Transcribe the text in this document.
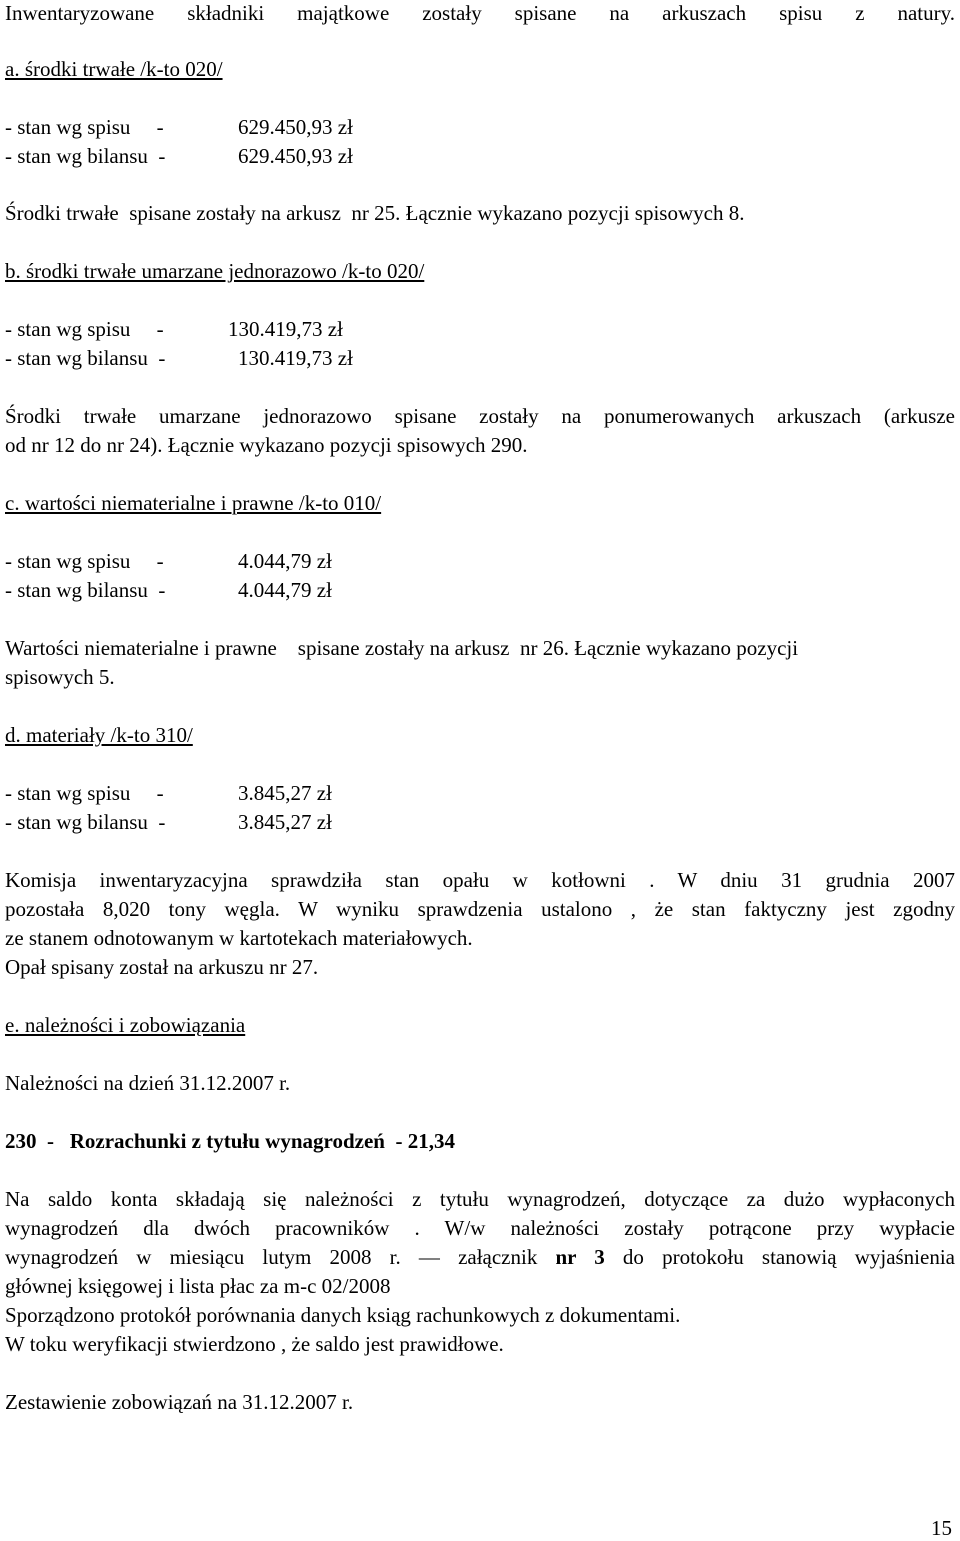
Inwentaryzowane składniki majątkowe zostały spisane na arkuszach spisu z natury.
a. środki trwałe /k-to 020/
- stan wg spisu     -	629.450,93 zł
- stan wg bilansu  -	629.450,93 zł
Środki trwałe  spisane zostały na arkusz  nr 25. Łącznie wykazano pozycji spisowych 8.
b. środki trwałe umarzane jednorazowo /k-to 020/
- stan wg spisu     -	130.419,73 zł
- stan wg bilansu  -	130.419,73 zł
Środki trwałe umarzane jednorazowo spisane zostały na ponumerowanych arkuszach (arkusze
od nr 12 do nr 24). Łącznie wykazano pozycji spisowych 290.
c. wartości niematerialne i prawne /k-to 010/
- stan wg spisu     -	4.044,79 zł
- stan wg bilansu  -	4.044,79 zł
Wartości niematerialne i prawne    spisane zostały na arkusz  nr 26. Łącznie wykazano pozycji
spisowych 5.
d. materiały /k-to 310/
- stan wg spisu     -	3.845,27 zł
- stan wg bilansu  -	3.845,27 zł
Komisja inwentaryzacyjna sprawdziła stan opału w kotłowni . W dniu 31 grudnia 2007
pozostała 8,020 tony węgla. W wyniku sprawdzenia ustalono , że stan faktyczny jest zgodny
ze stanem odnotowanym w kartotekach materiałowych.
Opał spisany został na arkuszu nr 27.
e. należności i zobowiązania
Należności na dzień 31.12.2007 r.
230  -   Rozrachunki z tytułu wynagrodzeń  - 21,34
Na saldo konta składają się należności z tytułu wynagrodzeń, dotyczące za dużo wypłaconych
wynagrodzeń dla dwóch pracowników . W/w należności zostały potrącone przy wypłacie
wynagrodzeń w miesiącu lutym 2008 r. ― załącznik nr 3 do protokołu stanowią wyjaśnienia
głównej księgowej i lista płac za m-c 02/2008
Sporządzono protokół porównania danych ksiąg rachunkowych z dokumentami.
W toku weryfikacji stwierdzono , że saldo jest prawidłowe.
Zestawienie zobowiązań na 31.12.2007 r.
15
